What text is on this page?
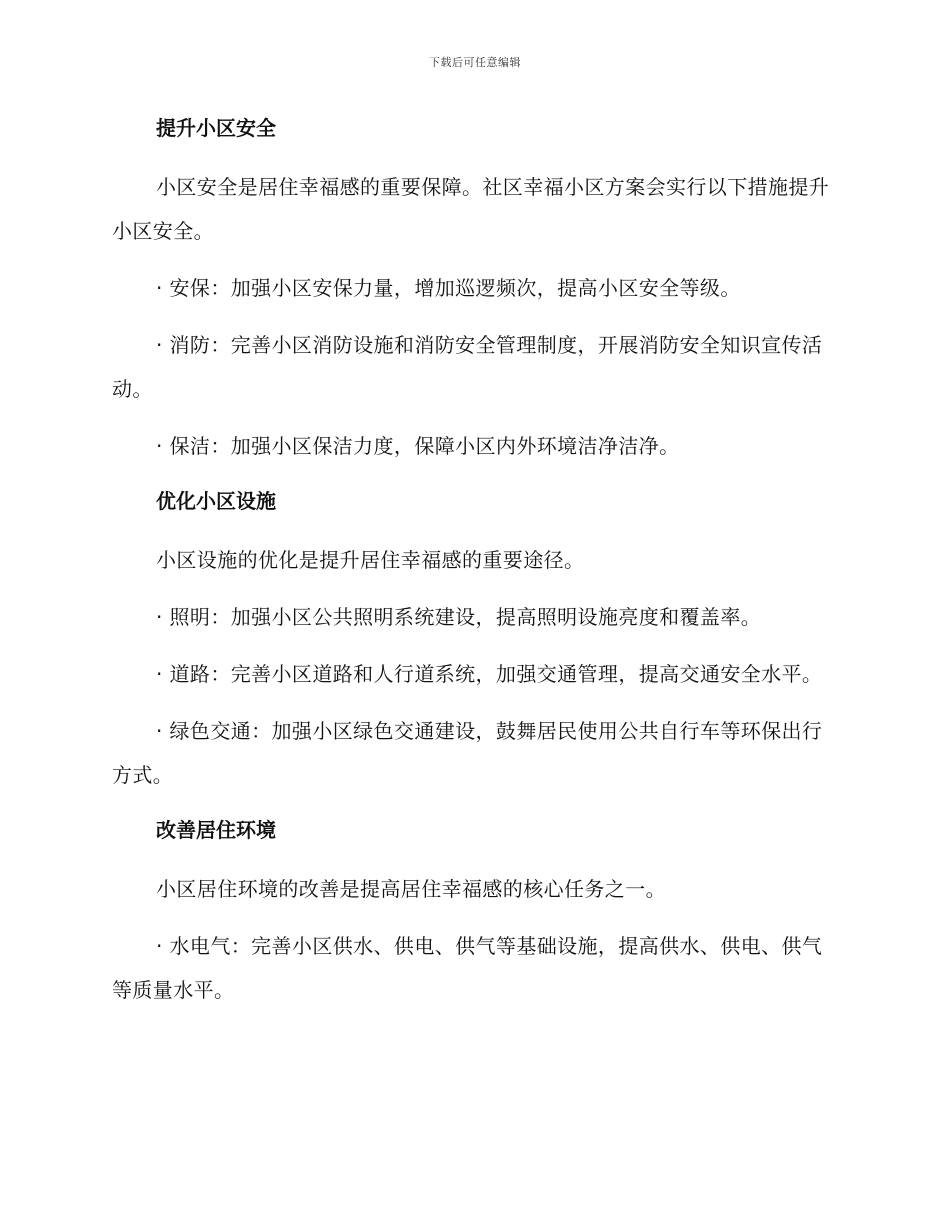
下载后可任意编辑
提升小区安全

小区安全是居住幸福感的重要保障。社区幸福小区方案会实行以下措施提升小区安全。

· 安保：加强小区安保力量，增加巡逻频次，提高小区安全等级。

· 消防：完善小区消防设施和消防安全管理制度，开展消防安全知识宣传活动。

· 保洁：加强小区保洁力度，保障小区内外环境洁净洁净。

优化小区设施

小区设施的优化是提升居住幸福感的重要途径。

· 照明：加强小区公共照明系统建设，提高照明设施亮度和覆盖率。

· 道路：完善小区道路和人行道系统，加强交通管理，提高交通安全水平。

· 绿色交通：加强小区绿色交通建设，鼓舞居民使用公共自行车等环保出行方式。

改善居住环境

小区居住环境的改善是提高居住幸福感的核心任务之一。

· 水电气：完善小区供水、供电、供气等基础设施，提高供水、供电、供气等质量水平。
